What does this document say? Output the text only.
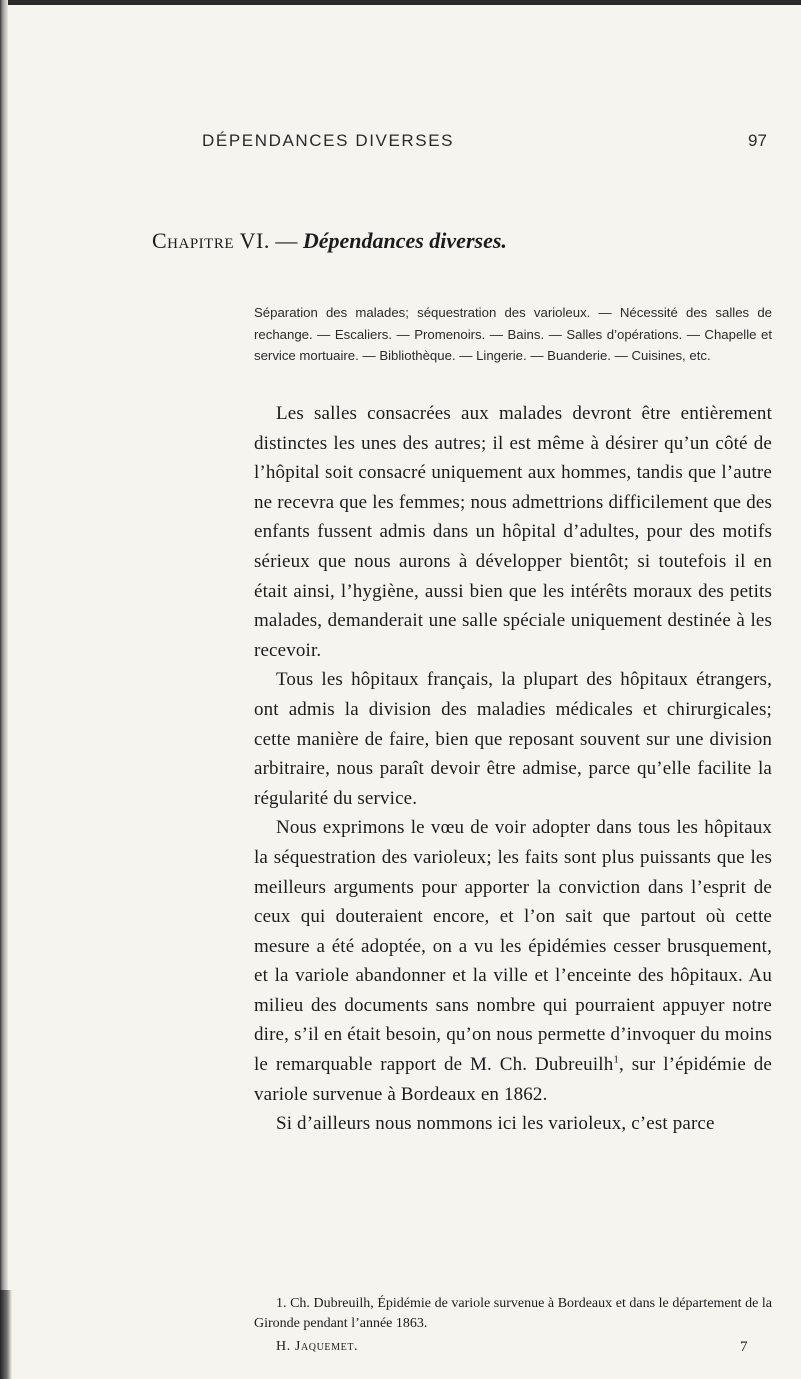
DÉPENDANCES DIVERSES	97
Chapitre VI. — Dépendances diverses.

Séparation des malades; séquestration des varioleux. — Nécessité des salles de rechange. — Escaliers. — Promenoirs. — Bains. — Salles d’opérations. — Chapelle et service mortuaire. — Bibliothèque. — Lingerie. — Buanderie. — Cuisines, etc.

Les salles consacrées aux malades devront être entièrement distinctes les unes des autres; il est même à désirer qu’un côté de l’hôpital soit consacré uniquement aux hommes, tandis que l’autre ne recevra que les femmes; nous admettrions difficilement que des enfants fussent admis dans un hôpital d’adultes, pour des motifs sérieux que nous aurons à développer bientôt; si toutefois il en était ainsi, l’hygiène, aussi bien que les intérêts moraux des petits malades, demanderait une salle spéciale uniquement destinée à les recevoir.

Tous les hôpitaux français, la plupart des hôpitaux étrangers, ont admis la division des maladies médicales et chirurgicales; cette manière de faire, bien que reposant souvent sur une division arbitraire, nous paraît devoir être admise, parce qu’elle facilite la régularité du service.

Nous exprimons le vœu de voir adopter dans tous les hôpitaux la séquestration des varioleux; les faits sont plus puissants que les meilleurs arguments pour apporter la conviction dans l’esprit de ceux qui douteraient encore, et l’on sait que partout où cette mesure a été adoptée, on a vu les épidémies cesser brusquement, et la variole abandonner et la ville et l’enceinte des hôpitaux. Au milieu des documents sans nombre qui pourraient appuyer notre dire, s’il en était besoin, qu’on nous permette d’invoquer du moins le remarquable rapport de M. Ch. Dubreuilh$^1$, sur l’épidémie de variole survenue à Bordeaux en 1862.

Si d’ailleurs nous nommons ici les varioleux, c’est parce

1. Ch. Dubreuilh, Épidémie de variole survenue à Bordeaux et dans le département de la Gironde pendant l’année 1863.

H. Jaquemet.	7
